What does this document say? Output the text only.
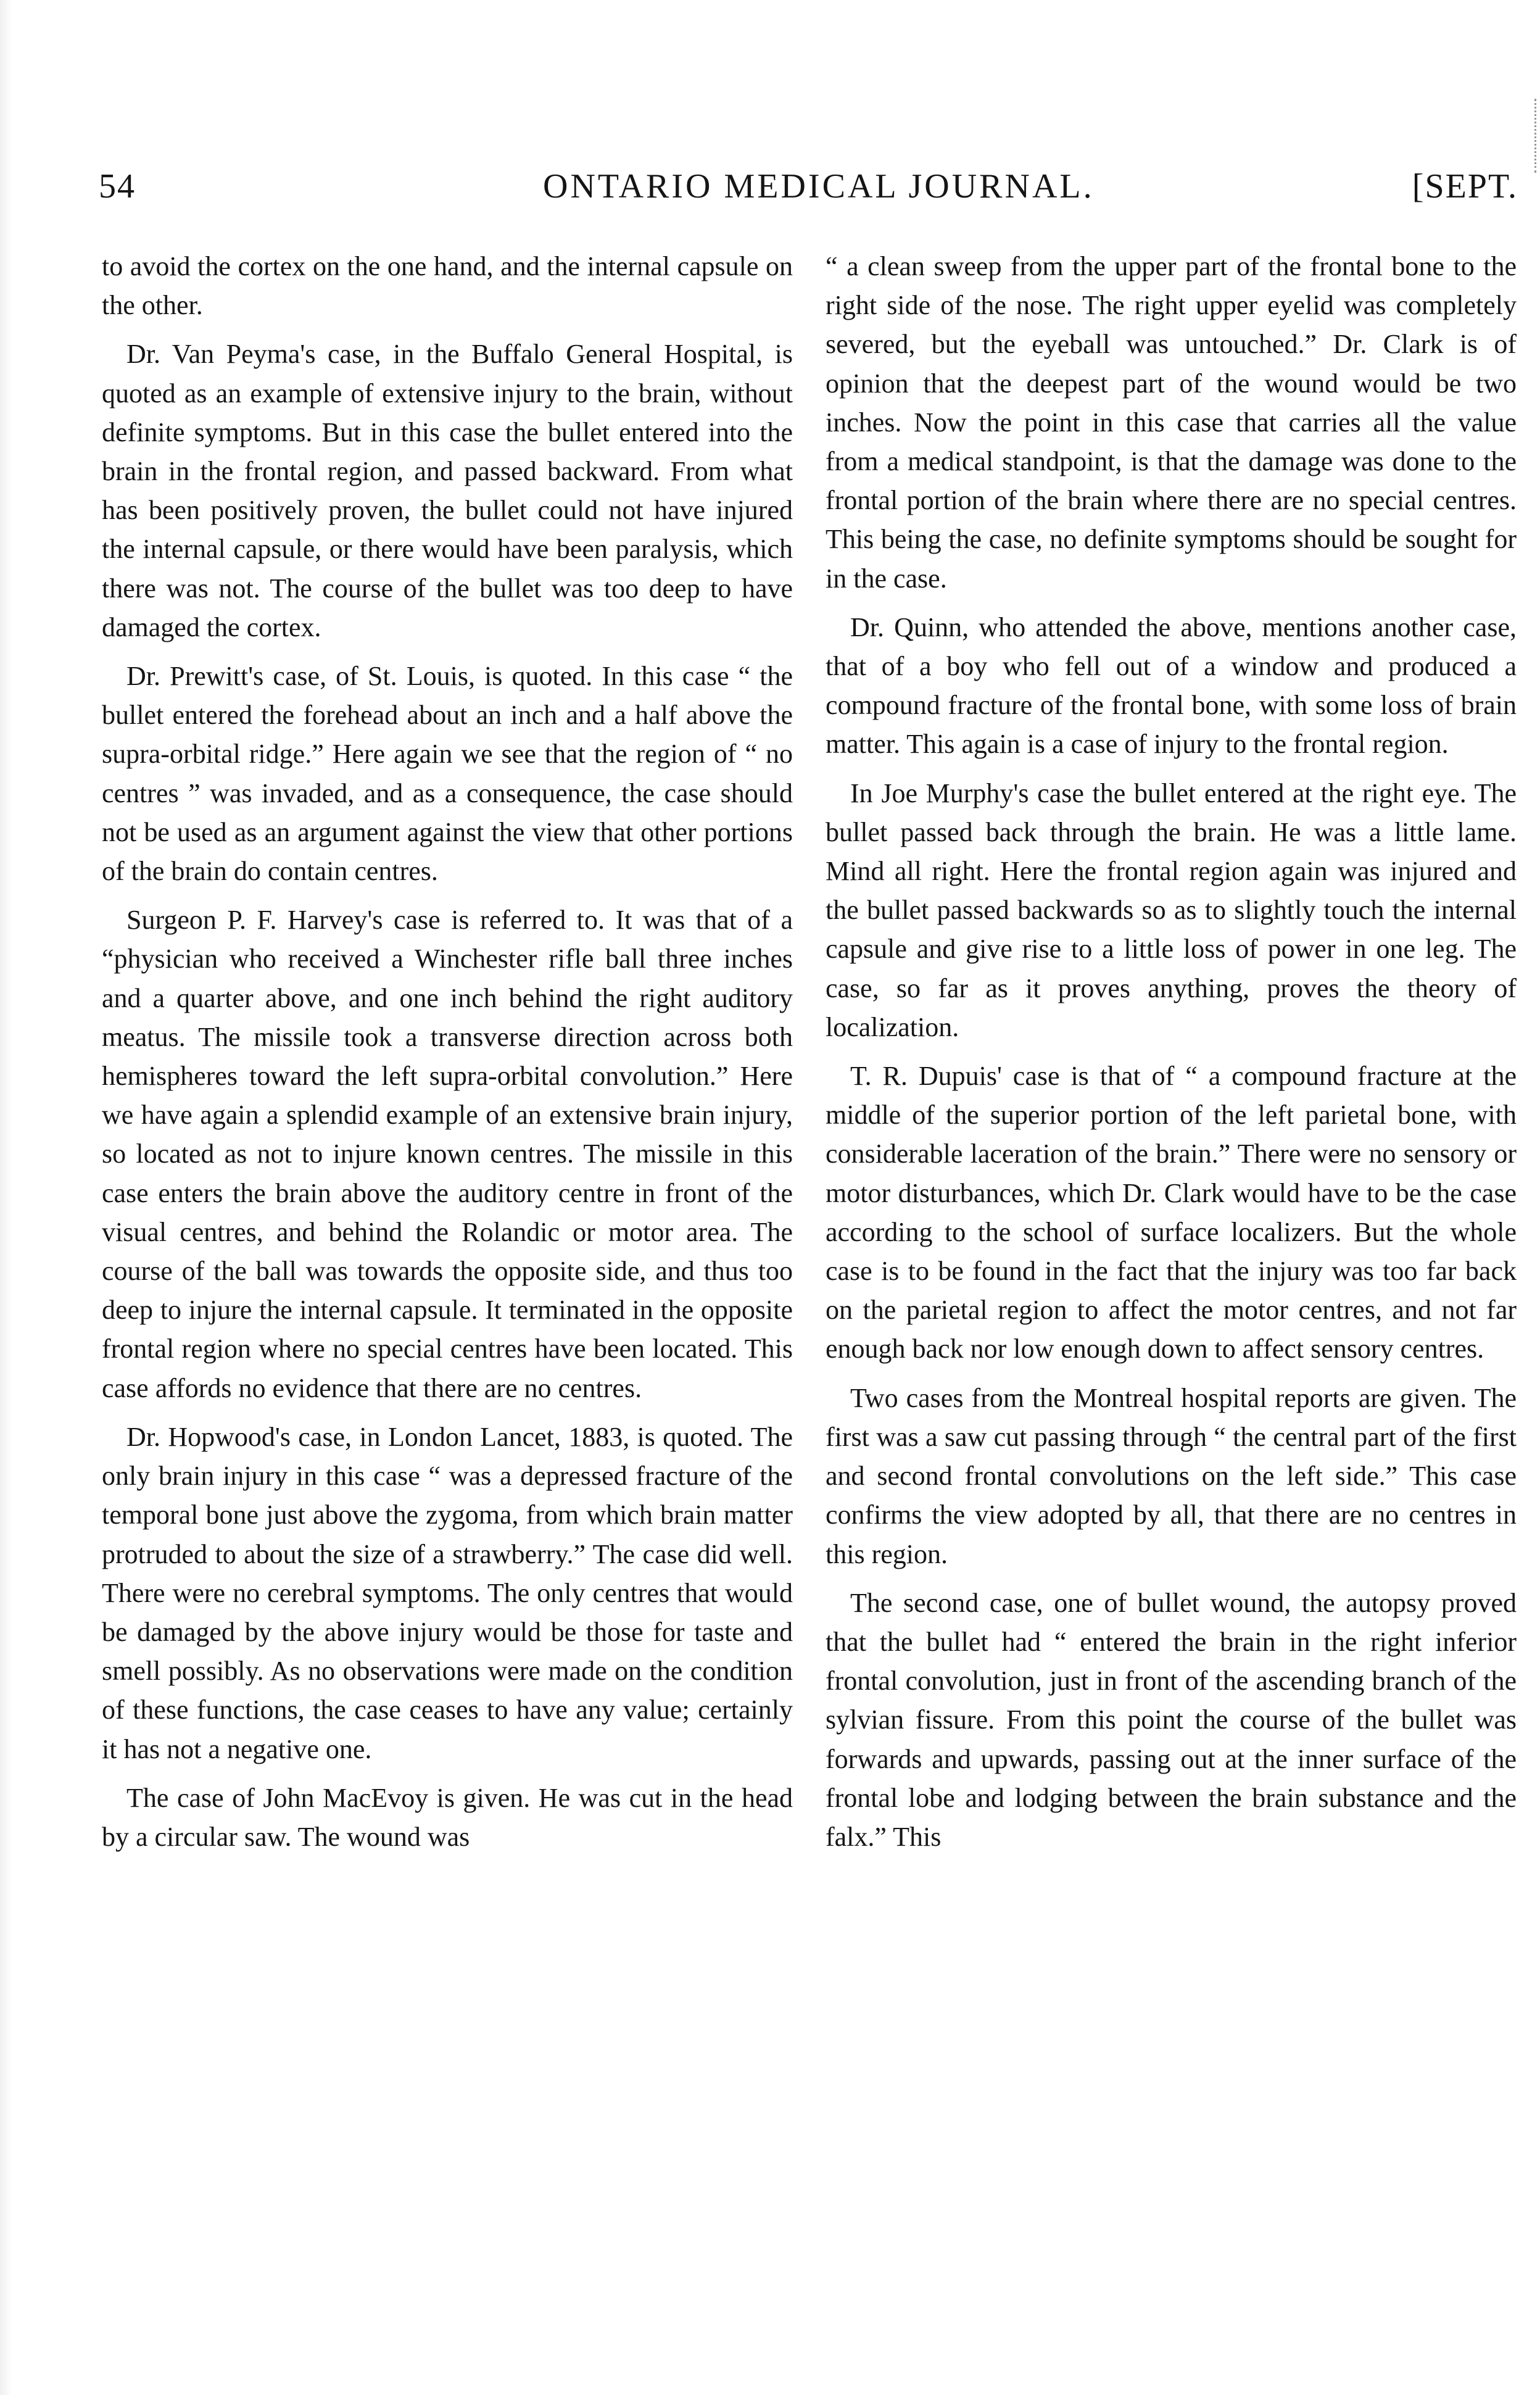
54	ONTARIO MEDICAL JOURNAL.	[SEPT.

to avoid the cortex on the one hand, and the internal capsule on the other.

Dr. Van Peyma's case, in the Buffalo General Hospital, is quoted as an example of extensive injury to the brain, without definite symptoms. But in this case the bullet entered into the brain in the frontal region, and passed backward. From what has been positively proven, the bullet could not have injured the internal capsule, or there would have been paralysis, which there was not. The course of the bullet was too deep to have damaged the cortex.

Dr. Prewitt's case, of St. Louis, is quoted. In this case “ the bullet entered the forehead about an inch and a half above the supra-orbital ridge.” Here again we see that the region of “ no centres ” was invaded, and as a consequence, the case should not be used as an argument against the view that other portions of the brain do contain centres.

Surgeon P. F. Harvey's case is referred to. It was that of a “physician who received a Winchester rifle ball three inches and a quarter above, and one inch behind the right auditory meatus. The missile took a transverse direction across both hemispheres toward the left supra-orbital convolution.” Here we have again a splendid example of an extensive brain injury, so located as not to injure known centres. The missile in this case enters the brain above the auditory centre in front of the visual centres, and behind the Rolandic or motor area. The course of the ball was towards the opposite side, and thus too deep to injure the internal capsule. It terminated in the opposite frontal region where no special centres have been located. This case affords no evidence that there are no centres.

Dr. Hopwood's case, in London Lancet, 1883, is quoted. The only brain injury in this case “ was a depressed fracture of the temporal bone just above the zygoma, from which brain matter protruded to about the size of a strawberry.” The case did well. There were no cerebral symptoms. The only centres that would be damaged by the above injury would be those for taste and smell possibly. As no observations were made on the condition of these functions, the case ceases to have any value; certainly it has not a negative one.

The case of John MacEvoy is given. He was cut in the head by a circular saw. The wound was

“ a clean sweep from the upper part of the frontal bone to the right side of the nose. The right upper eyelid was completely severed, but the eyeball was untouched.” Dr. Clark is of opinion that the deepest part of the wound would be two inches. Now the point in this case that carries all the value from a medical standpoint, is that the damage was done to the frontal portion of the brain where there are no special centres. This being the case, no definite symptoms should be sought for in the case.

Dr. Quinn, who attended the above, mentions another case, that of a boy who fell out of a window and produced a compound fracture of the frontal bone, with some loss of brain matter. This again is a case of injury to the frontal region.

In Joe Murphy's case the bullet entered at the right eye. The bullet passed back through the brain. He was a little lame. Mind all right. Here the frontal region again was injured and the bullet passed backwards so as to slightly touch the internal capsule and give rise to a little loss of power in one leg. The case, so far as it proves anything, proves the theory of localization.

T. R. Dupuis' case is that of “ a compound fracture at the middle of the superior portion of the left parietal bone, with considerable laceration of the brain.” There were no sensory or motor disturbances, which Dr. Clark would have to be the case according to the school of surface localizers. But the whole case is to be found in the fact that the injury was too far back on the parietal region to affect the motor centres, and not far enough back nor low enough down to affect sensory centres.

Two cases from the Montreal hospital reports are given. The first was a saw cut passing through “ the central part of the first and second frontal convolutions on the left side.” This case confirms the view adopted by all, that there are no centres in this region.

The second case, one of bullet wound, the autopsy proved that the bullet had “ entered the brain in the right inferior frontal convolution, just in front of the ascending branch of the sylvian fissure. From this point the course of the bullet was forwards and upwards, passing out at the inner surface of the frontal lobe and lodging between the brain substance and the falx.” This
